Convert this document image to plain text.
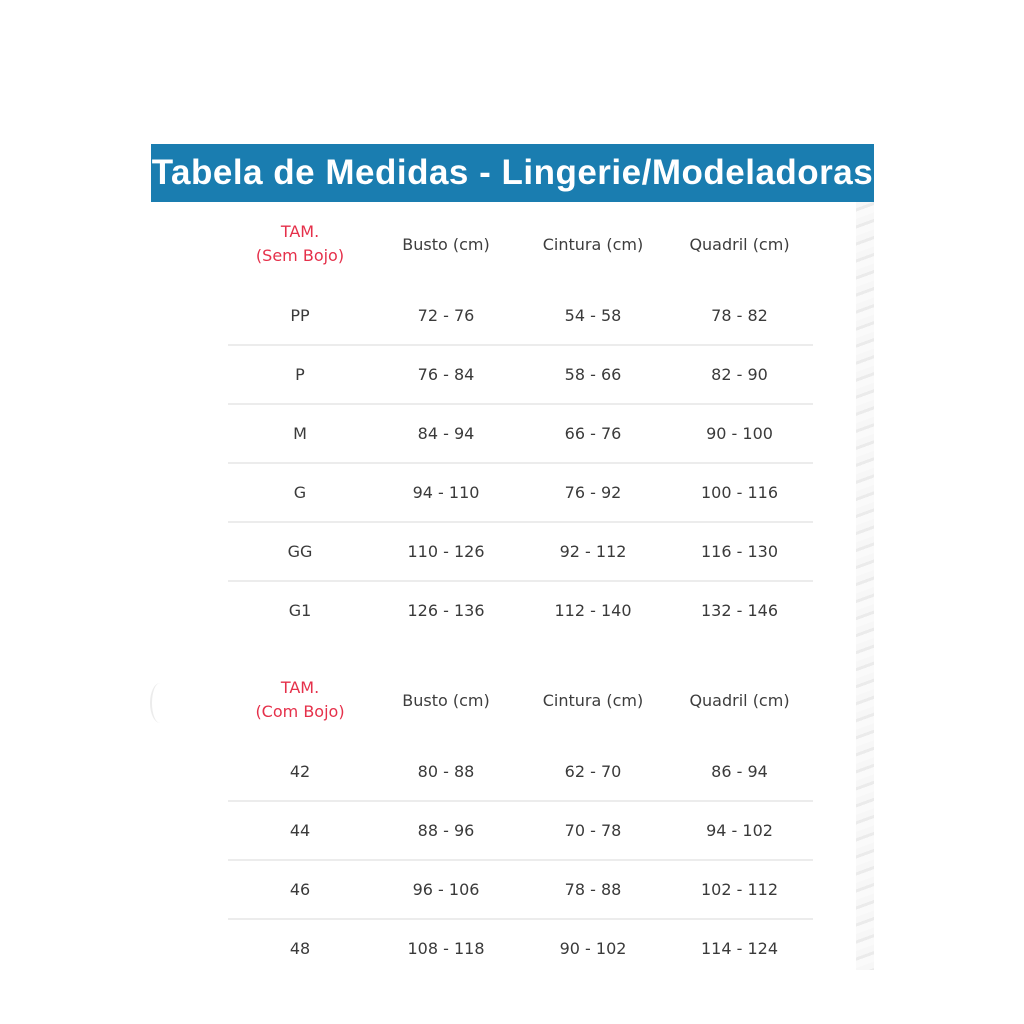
Tabela de Medidas - Lingerie/Modeladoras
TAM.
(Sem Bojo)	Busto (cm)	Cintura (cm)	Quadril (cm)
PP	72 - 76	54 - 58	78 - 82
P	76 - 84	58 - 66	82 - 90
M	84 - 94	66 - 76	90 - 100
G	94 - 110	76 - 92	100 - 116
GG	110 - 126	92 - 112	116 - 130
G1	126 - 136	112 - 140	132 - 146
TAM.
(Com Bojo)	Busto (cm)	Cintura (cm)	Quadril (cm)
42	80 - 88	62 - 70	86 - 94
44	88 - 96	70 - 78	94 - 102
46	96 - 106	78 - 88	102 - 112
48	108 - 118	90 - 102	114 - 124
